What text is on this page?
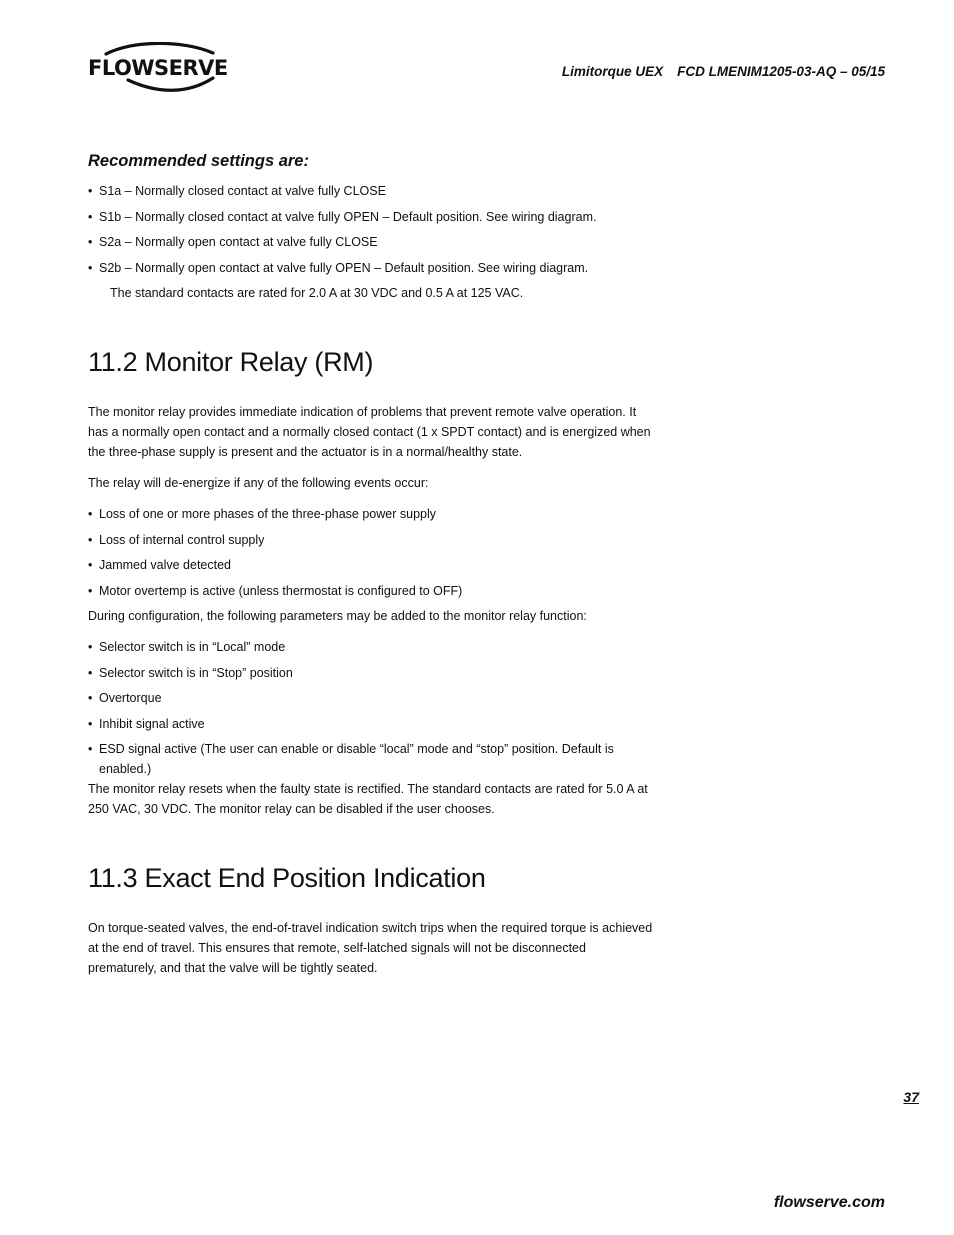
FLOWSERVE	Limitorque UEX FCD LMENIM1205-03-AQ – 05/15
Recommended settings are:
• S1a – Normally closed contact at valve fully CLOSE
• S1b – Normally closed contact at valve fully OPEN – Default position. See wiring diagram.
• S2a – Normally open contact at valve fully CLOSE
• S2b – Normally open contact at valve fully OPEN – Default position. See wiring diagram.

The standard contacts are rated for 2.0 A at 30 VDC and 0.5 A at 125 VAC.

11.2 Monitor Relay (RM)

The monitor relay provides immediate indication of problems that prevent remote valve operation. It has a normally open contact and a normally closed contact (1 x SPDT contact) and is energized when the three-phase supply is present and the actuator is in a normal/healthy state.

The relay will de-energize if any of the following events occur:

• Loss of one or more phases of the three-phase power supply
• Loss of internal control supply
• Jammed valve detected
• Motor overtemp is active (unless thermostat is configured to OFF)

During configuration, the following parameters may be added to the monitor relay function:

• Selector switch is in “Local” mode
• Selector switch is in “Stop” position
• Overtorque
• Inhibit signal active
• ESD signal active (The user can enable or disable “local” mode and “stop” position. Default is enabled.)

The monitor relay resets when the faulty state is rectified. The standard contacts are rated for 5.0 A at 250 VAC, 30 VDC. The monitor relay can be disabled if the user chooses.

11.3 Exact End Position Indication

On torque-seated valves, the end-of-travel indication switch trips when the required torque is achieved at the end of travel. This ensures that remote, self-latched signals will not be disconnected prematurely, and that the valve will be tightly seated.

37
flowserve.com
